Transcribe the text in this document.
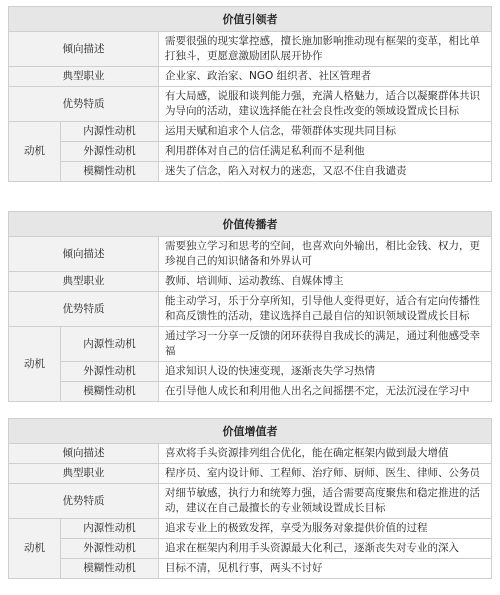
价值引领者		
倾向描述		需要很强的现实掌控感，擅长施加影响推动现有框架的变革，相比单打独斗，更愿意激励团队展开协作
典型职业		企业家、政治家、NGO 组织者、社区管理者
优势特质		有大局感，说服和谈判能力强，充满人格魅力，适合以凝聚群体共识为导向的活动，建议选择能在社会良性改变的领域设置成长目标
动机	内源性动机	运用天赋和追求个人信念，带领群体实现共同目标
	外源性动机	利用群体对自己的信任满足私利而不是利他
	模糊性动机	迷失了信念，陷入对权力的迷恋，又忍不住自我谴责
价值传播者		
倾向描述		需要独立学习和思考的空间，也喜欢向外输出，相比金钱、权力，更珍视自己的知识储备和外界认可
典型职业		教师、培训师、运动教练、自媒体博主
优势特质		能主动学习，乐于分享所知，引导他人变得更好，适合有定向传播性和高反馈性的活动，建议选择自己最自信的知识领域设置成长目标
动机	内源性动机	通过学习一分享一反馈的闭环获得自我成长的满足，通过利他感受幸福
	外源性动机	追求知识人设的快速变现，逐渐丧失学习热情
	模糊性动机	在引导他人成长和利用他人出名之间摇摆不定，无法沉浸在学习中
价值增值者		
倾向描述		喜欢将手头资源排列组合优化，能在确定框架内做到最大增值
典型职业		程序员、室内设计师、工程师、治疗师、厨师、医生、律师、公务员
优势特质		对细节敏感，执行力和统筹力强，适合需要高度聚焦和稳定推进的活动，建议在自己最擅长的专业领域设置成长目标
动机	内源性动机	追求专业上的极致发挥，享受为服务对象提供价值的过程
	外源性动机	追求在框架内利用手头资源最大化利己，逐渐丧失对专业的深入
	模糊性动机	目标不清，见机行事，两头不讨好
